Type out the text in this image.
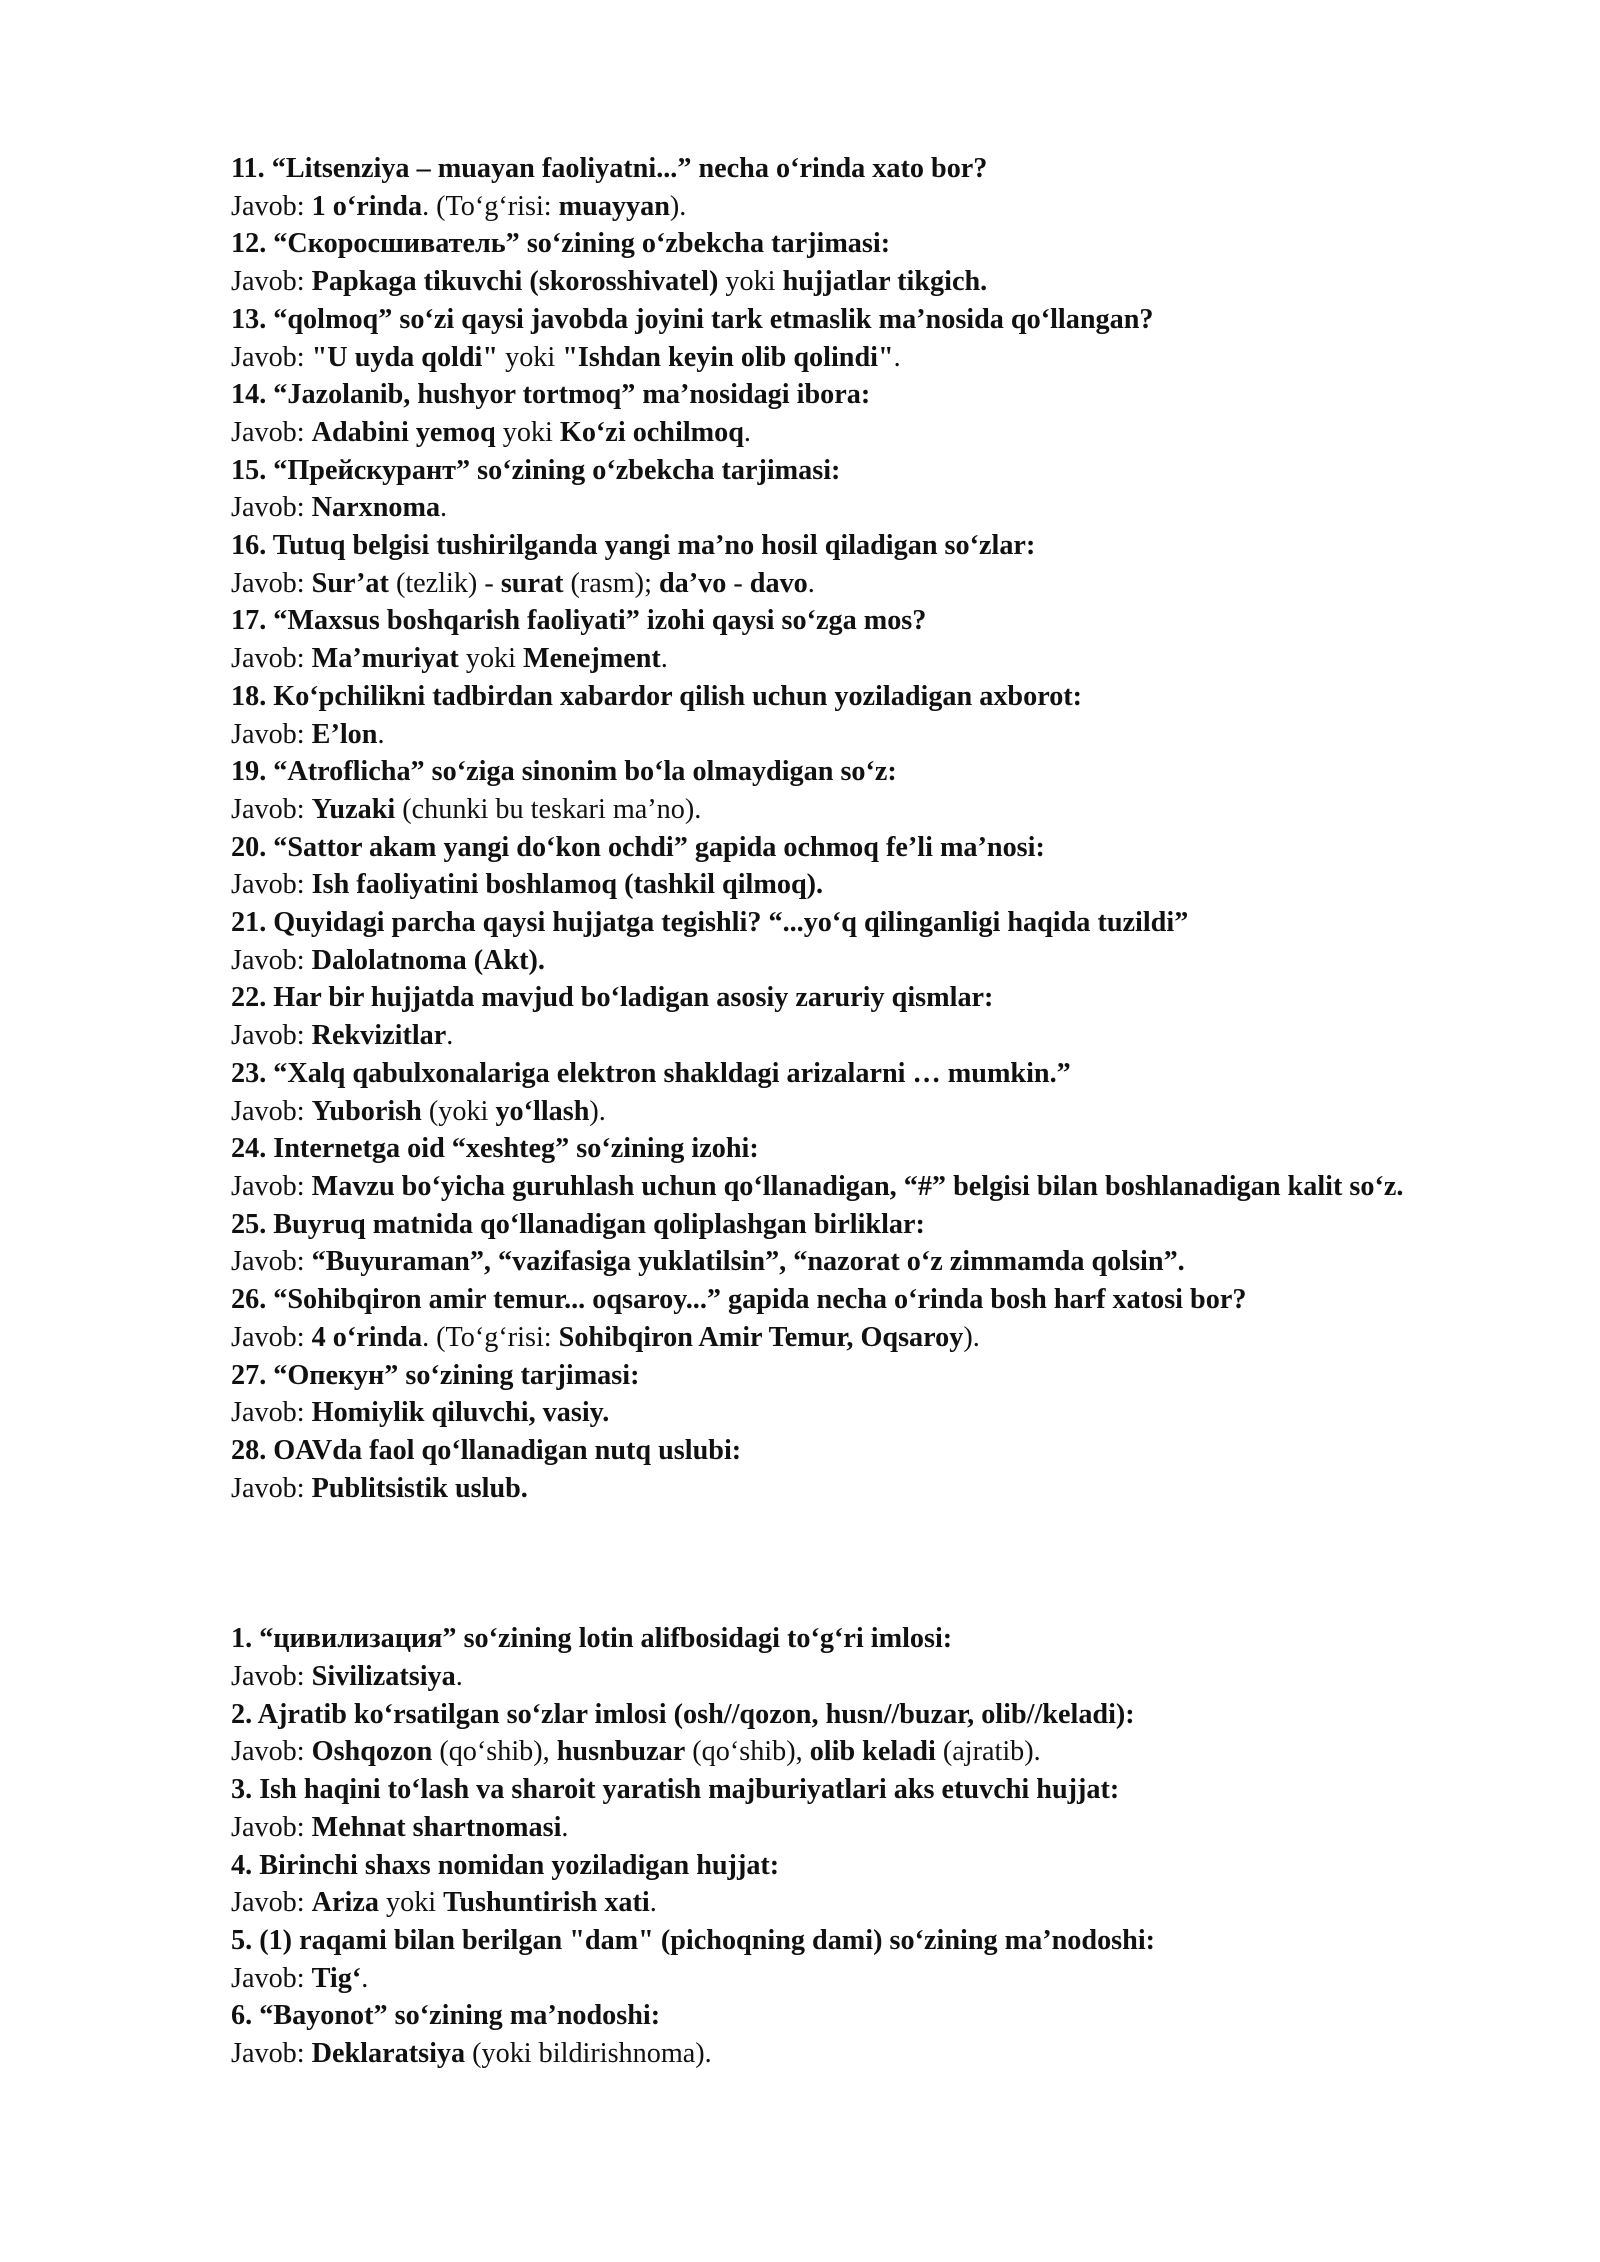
11. “Litsenziya – muayan faoliyatni...” necha o‘rinda xato bor?

Javob: 1 o‘rinda. (To‘g‘risi: muayyan).

12. “Скоросшиватель” so‘zining o‘zbekcha tarjimasi:

Javob: Papkaga tikuvchi (skorosshivatel) yoki hujjatlar tikgich.

13. “qolmoq” so‘zi qaysi javobda joyini tark etmaslik ma’nosida qo‘llangan?

Javob: "U uyda qoldi" yoki "Ishdan keyin olib qolindi".

14. “Jazolanib, hushyor tortmoq” ma’nosidagi ibora:

Javob: Adabini yemoq yoki Ko‘zi ochilmoq.

15. “Прейскурант” so‘zining o‘zbekcha tarjimasi:

Javob: Narxnoma.

16. Tutuq belgisi tushirilganda yangi ma’no hosil qiladigan so‘zlar:

Javob: Sur’at (tezlik) - surat (rasm); da’vo - davo.

17. “Maxsus boshqarish faoliyati” izohi qaysi so‘zga mos?

Javob: Ma’muriyat yoki Menejment.

18. Ko‘pchilikni tadbirdan xabardor qilish uchun yoziladigan axborot:

Javob: E’lon.

19. “Atroflicha” so‘ziga sinonim bo‘la olmaydigan so‘z:

Javob: Yuzaki (chunki bu teskari ma’no).

20. “Sattor akam yangi do‘kon ochdi” gapida ochmoq fe’li ma’nosi:

Javob: Ish faoliyatini boshlamoq (tashkil qilmoq).

21. Quyidagi parcha qaysi hujjatga tegishli? “...yo‘q qilinganligi haqida tuzildi”

Javob: Dalolatnoma (Akt).

22. Har bir hujjatda mavjud bo‘ladigan asosiy zaruriy qismlar:

Javob: Rekvizitlar.

23. “Xalq qabulxonalariga elektron shakldagi arizalarni … mumkin.”

Javob: Yuborish (yoki yo‘llash).

24. Internetga oid “xeshteg” so‘zining izohi:

Javob: Mavzu bo‘yicha guruhlash uchun qo‘llanadigan, “#” belgisi bilan boshlanadigan kalit so‘z.

25. Buyruq matnida qo‘llanadigan qoliplashgan birliklar:

Javob: “Buyuraman”, “vazifasiga yuklatilsin”, “nazorat o‘z zimmamda qolsin”.

26. “Sohibqiron amir temur... oqsaroy...” gapida necha o‘rinda bosh harf xatosi bor?

Javob: 4 o‘rinda. (To‘g‘risi: Sohibqiron Amir Temur, Oqsaroy).

27. “Опекун” so‘zining tarjimasi:

Javob: Homiylik qiluvchi, vasiy.

28. OAVda faol qo‘llanadigan nutq uslubi:

Javob: Publitsistik uslub.

1. “цивилизация” so‘zining lotin alifbosidagi to‘g‘ri imlosi:

Javob: Sivilizatsiya.

2. Ajratib ko‘rsatilgan so‘zlar imlosi (osh//qozon, husn//buzar, olib//keladi):

Javob: Oshqozon (qo‘shib), husnbuzar (qo‘shib), olib keladi (ajratib).

3. Ish haqini to‘lash va sharoit yaratish majburiyatlari aks etuvchi hujjat:

Javob: Mehnat shartnomasi.

4. Birinchi shaxs nomidan yoziladigan hujjat:

Javob: Ariza yoki Tushuntirish xati.

5. (1) raqami bilan berilgan "dam" (pichoqning dami) so‘zining ma’nodoshi:

Javob: Tig‘.

6. “Bayonot” so‘zining ma’nodoshi:

Javob: Deklaratsiya (yoki bildirishnoma).
